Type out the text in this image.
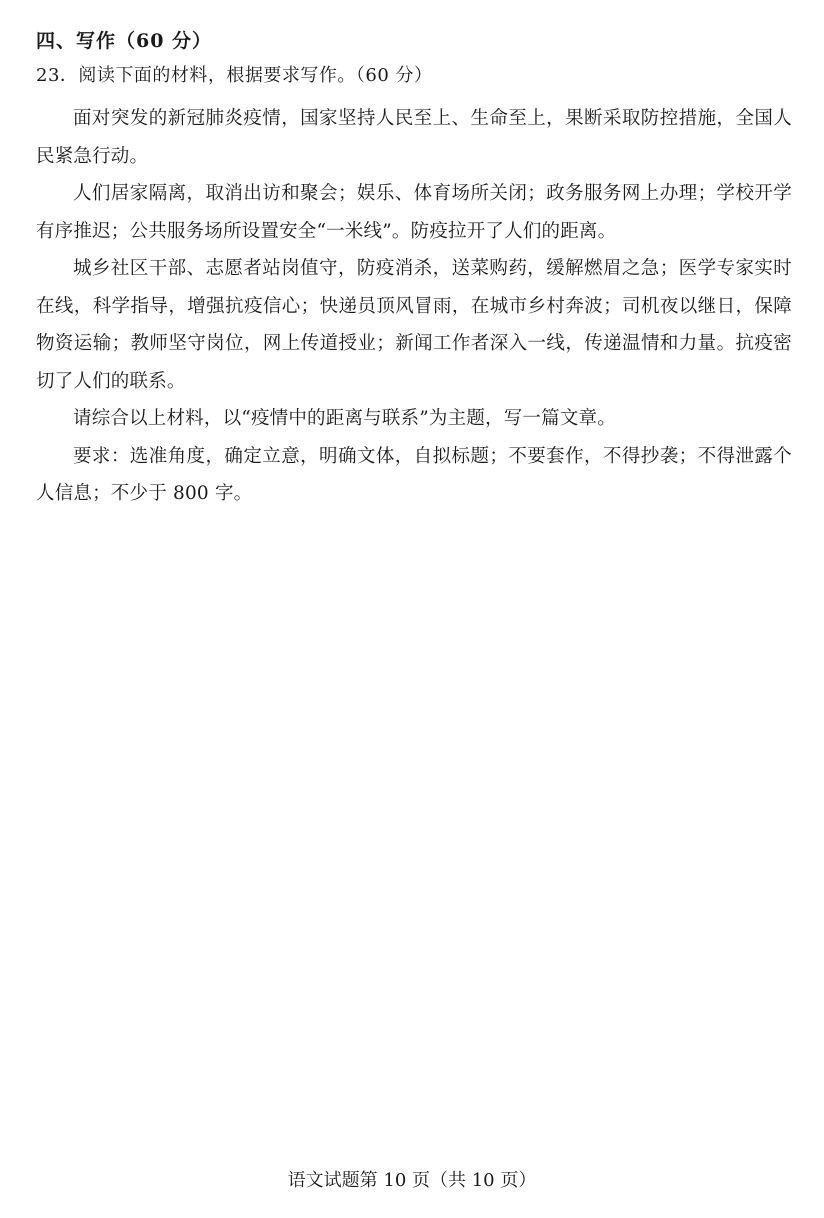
四、写作（60 分）
23．阅读下面的材料，根据要求写作。（60 分）

面对突发的新冠肺炎疫情，国家坚持人民至上、生命至上，果断采取防控措施，全国人民紧急行动。

人们居家隔离，取消出访和聚会；娱乐、体育场所关闭；政务服务网上办理；学校开学有序推迟；公共服务场所设置安全“一米线”。防疫拉开了人们的距离。

城乡社区干部、志愿者站岗值守，防疫消杀，送菜购药，缓解燃眉之急；医学专家实时在线，科学指导，增强抗疫信心；快递员顶风冒雨，在城市乡村奔波；司机夜以继日，保障物资运输；教师坚守岗位，网上传道授业；新闻工作者深入一线，传递温情和力量。抗疫密切了人们的联系。

请综合以上材料，以“疫情中的距离与联系”为主题，写一篇文章。

要求：选准角度，确定立意，明确文体，自拟标题；不要套作，不得抄袭；不得泄露个人信息；不少于 800 字。

语文试题第 10 页（共 10 页）
